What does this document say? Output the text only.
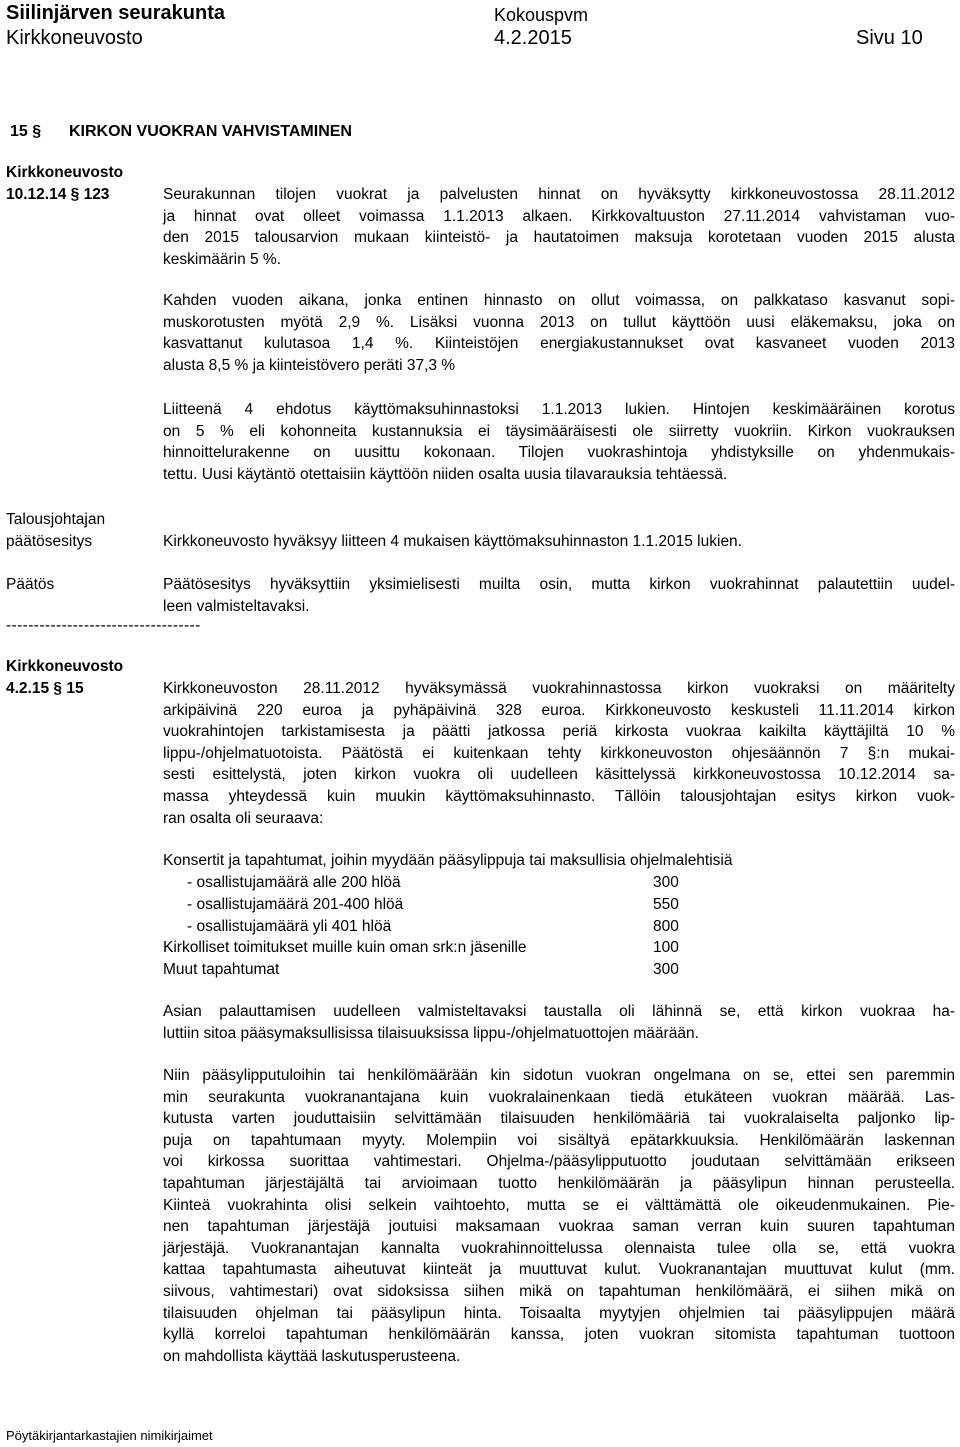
Siilinjärven seurakunta	Kokouspvm
Kirkkoneuvosto	4.2.2015	Sivu 10
15 § KIRKON VUOKRAN VAHVISTAMINEN
Kirkkoneuvosto
10.12.14 § 123	Seurakunnan tilojen vuokrat ja palvelusten hinnat on hyväksytty kirkkoneuvostossa 28.11.2012
ja hinnat ovat olleet voimassa 1.1.2013 alkaen. Kirkkovaltuuston 27.11.2014 vahvistaman vuo-
den 2015 talousarvion mukaan kiinteistö- ja hautatoimen maksuja korotetaan vuoden 2015 alusta
keskimäärin 5 %.
Kahden vuoden aikana, jonka entinen hinnasto on ollut voimassa, on palkkataso kasvanut sopi-
muskorotusten myötä 2,9 %. Lisäksi vuonna 2013 on tullut käyttöön uusi eläkemaksu, joka on
kasvattanut kulutasoa 1,4 %. Kiinteistöjen energiakustannukset ovat kasvaneet vuoden 2013
alusta 8,5 % ja kiinteistövero peräti 37,3 %
Liitteenä 4 ehdotus käyttömaksuhinnastoksi 1.1.2013 lukien. Hintojen keskimääräinen korotus
on 5 % eli kohonneita kustannuksia ei täysimääräisesti ole siirretty vuokriin. Kirkon vuokrauksen
hinnoittelurakenne on uusittu kokonaan. Tilojen vuokrashintoja yhdistyksille on yhdenmukais-
tettu. Uusi käytäntö otettaisiin käyttöön niiden osalta uusia tilavarauksia tehtäessä.
Talousjohtajan
päätösesitys	Kirkkoneuvosto hyväksyy liitteen 4 mukaisen käyttömaksuhinnaston 1.1.2015 lukien.
Päätös	Päätösesitys hyväksyttiin yksimielisesti muilta osin, mutta kirkon vuokrahinnat palautettiin uudel-
leen valmisteltavaksi.
-----------------------------------
Kirkkoneuvosto
4.2.15 § 15	Kirkkoneuvoston 28.11.2012 hyväksymässä vuokrahinnastossa kirkon vuokraksi on määritelty
arkipäivinä 220 euroa ja pyhäpäivinä 328 euroa. Kirkkoneuvosto keskusteli 11.11.2014 kirkon
vuokrahintojen tarkistamisesta ja päätti jatkossa periä kirkosta vuokraa kaikilta käyttäjiltä 10 %
lippu-/ohjelmatuotoista. Päätöstä ei kuitenkaan tehty kirkkoneuvoston ohjesäännön 7 §:n mukai-
sesti esittelystä, joten kirkon vuokra oli uudelleen käsittelyssä kirkkoneuvostossa 10.12.2014 sa-
massa yhteydessä kuin muukin käyttömaksuhinnasto. Tällöin talousjohtajan esitys kirkon vuok-
ran osalta oli seuraava:
Konsertit ja tapahtumat, joihin myydään pääsylippuja tai maksullisia ohjelmalehtisiä
- osallistujamäärä alle 200 hlöä	300
- osallistujamäärä 201-400 hlöä	550
- osallistujamäärä yli 401 hlöä	800
Kirkolliset toimitukset muille kuin oman srk:n jäsenille	100
Muut tapahtumat	300
Asian palauttamisen uudelleen valmisteltavaksi taustalla oli lähinnä se, että kirkon vuokraa ha-
luttiin sitoa pääsymaksullisissa tilaisuuksissa lippu-/ohjelmatuottojen määrään.
Niin pääsylipputuloihin tai henkilömäärään kin sidotun vuokran ongelmana on se, ettei sen paremmin
min seurakunta vuokranantajana kuin vuokralainenkaan tiedä etukäteen vuokran määrää. Las-
kutusta varten jouduttaisiin selvittämään tilaisuuden henkilömääriä tai vuokralaiselta paljonko lip-
puja on tapahtumaan myyty. Molempiin voi sisältyä epätarkkuuksia. Henkilömäärän laskennan
voi kirkossa suorittaa vahtimestari. Ohjelma-/pääsylipputuotto joudutaan selvittämään erikseen
tapahtuman järjestäjältä tai arvioimaan tuotto henkilömäärän ja pääsylipun hinnan perusteella.
Kiinteä vuokrahinta olisi selkein vaihtoehto, mutta se ei välttämättä ole oikeudenmukainen. Pie-
nen tapahtuman järjestäjä joutuisi maksamaan vuokraa saman verran kuin suuren tapahtuman
järjestäjä. Vuokranantajan kannalta vuokrahinnoittelussa olennaista tulee olla se, että vuokra
kattaa tapahtumasta aiheutuvat kiinteät ja muuttuvat kulut. Vuokranantajan muuttuvat kulut (mm.
siivous, vahtimestari) ovat sidoksissa siihen mikä on tapahtuman henkilömäärä, ei siihen mikä on
tilaisuuden ohjelman tai pääsylipun hinta. Toisaalta myytyjen ohjelmien tai pääsylippujen määrä
kyllä korreloi tapahtuman henkilömäärän kanssa, joten vuokran sitomista tapahtuman tuottoon
on mahdollista käyttää laskutusperusteena.
Pöytäkirjantarkastajien nimikirjaimet
